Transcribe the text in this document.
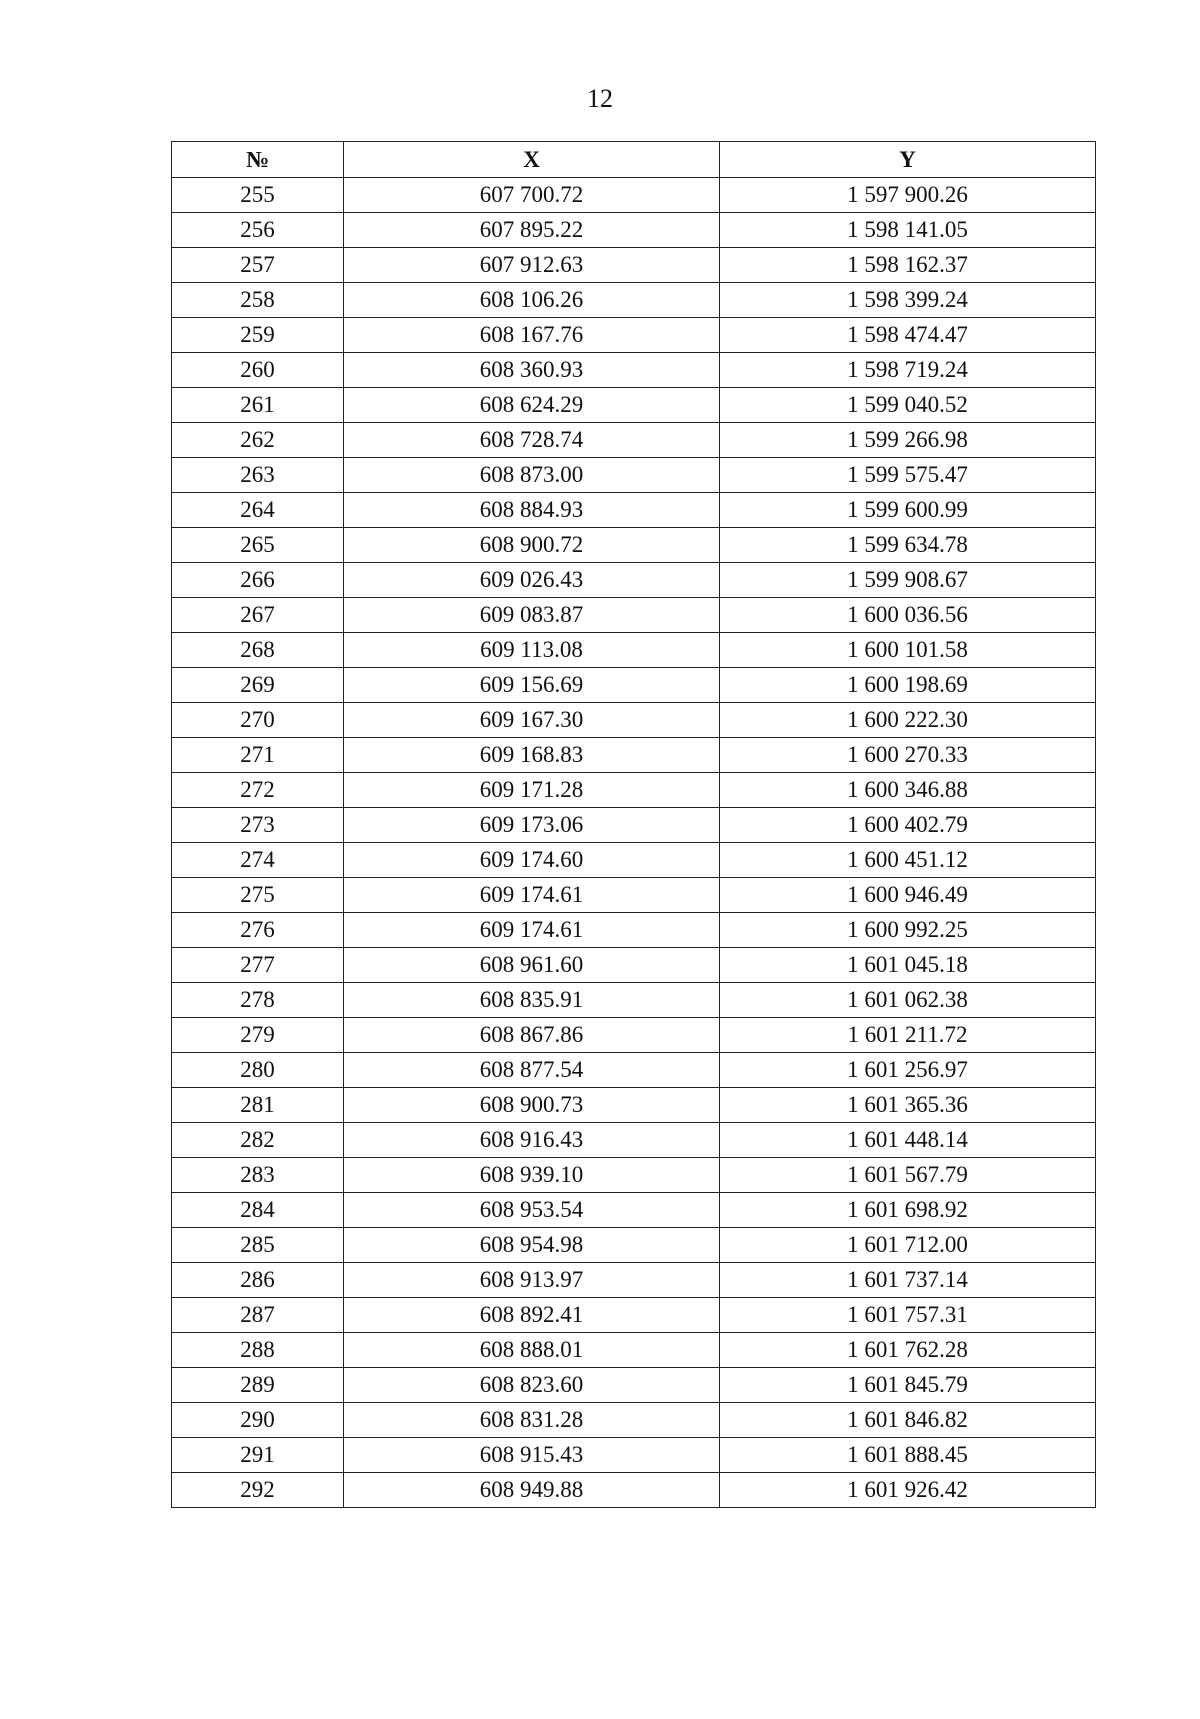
12
№	X	Y
255	607 700.72	1 597 900.26
256	607 895.22	1 598 141.05
257	607 912.63	1 598 162.37
258	608 106.26	1 598 399.24
259	608 167.76	1 598 474.47
260	608 360.93	1 598 719.24
261	608 624.29	1 599 040.52
262	608 728.74	1 599 266.98
263	608 873.00	1 599 575.47
264	608 884.93	1 599 600.99
265	608 900.72	1 599 634.78
266	609 026.43	1 599 908.67
267	609 083.87	1 600 036.56
268	609 113.08	1 600 101.58
269	609 156.69	1 600 198.69
270	609 167.30	1 600 222.30
271	609 168.83	1 600 270.33
272	609 171.28	1 600 346.88
273	609 173.06	1 600 402.79
274	609 174.60	1 600 451.12
275	609 174.61	1 600 946.49
276	609 174.61	1 600 992.25
277	608 961.60	1 601 045.18
278	608 835.91	1 601 062.38
279	608 867.86	1 601 211.72
280	608 877.54	1 601 256.97
281	608 900.73	1 601 365.36
282	608 916.43	1 601 448.14
283	608 939.10	1 601 567.79
284	608 953.54	1 601 698.92
285	608 954.98	1 601 712.00
286	608 913.97	1 601 737.14
287	608 892.41	1 601 757.31
288	608 888.01	1 601 762.28
289	608 823.60	1 601 845.79
290	608 831.28	1 601 846.82
291	608 915.43	1 601 888.45
292	608 949.88	1 601 926.42
